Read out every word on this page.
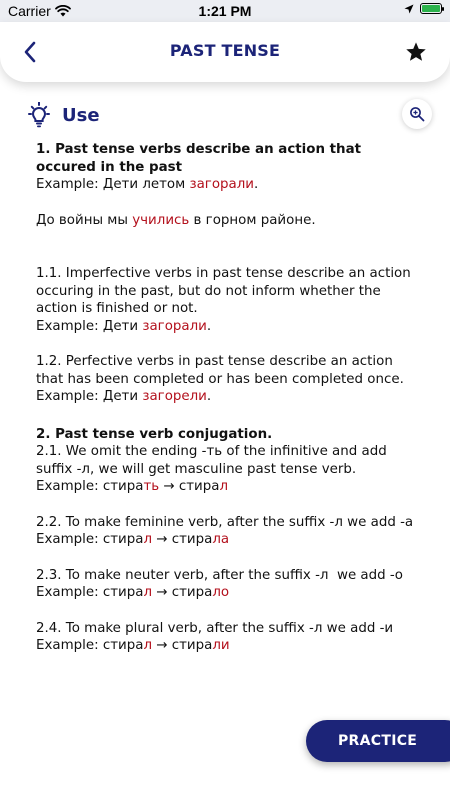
Carrier	1:21 PM
PAST TENSE
Use

1. Past tense verbs describe an action that occured in the past

Example: Дети летом загорали.

До войны мы учились в горном районе.

1.1. Imperfective verbs in past tense describe an action occuring in the past, but do not inform whether the action is finished or not.

Example: Дети загорали.

1.2. Perfective verbs in past tense describe an action that has been completed or has been completed once.

Example: Дети загорели.

2. Past tense verb conjugation.

2.1. We omit the ending -ть of the infinitive and add suffix -л, we will get masculine past tense verb.

Example: стирать → стирал

2.2. To make feminine verb, after the suffix -л we add -а

Example: стирал → стирала

2.3. To make neuter verb, after the suffix -л  we add -о

Example: стирал → стирало

2.4. To make plural verb, after the suffix -л we add -и

Example: стирал → стирали

PRACTICE
